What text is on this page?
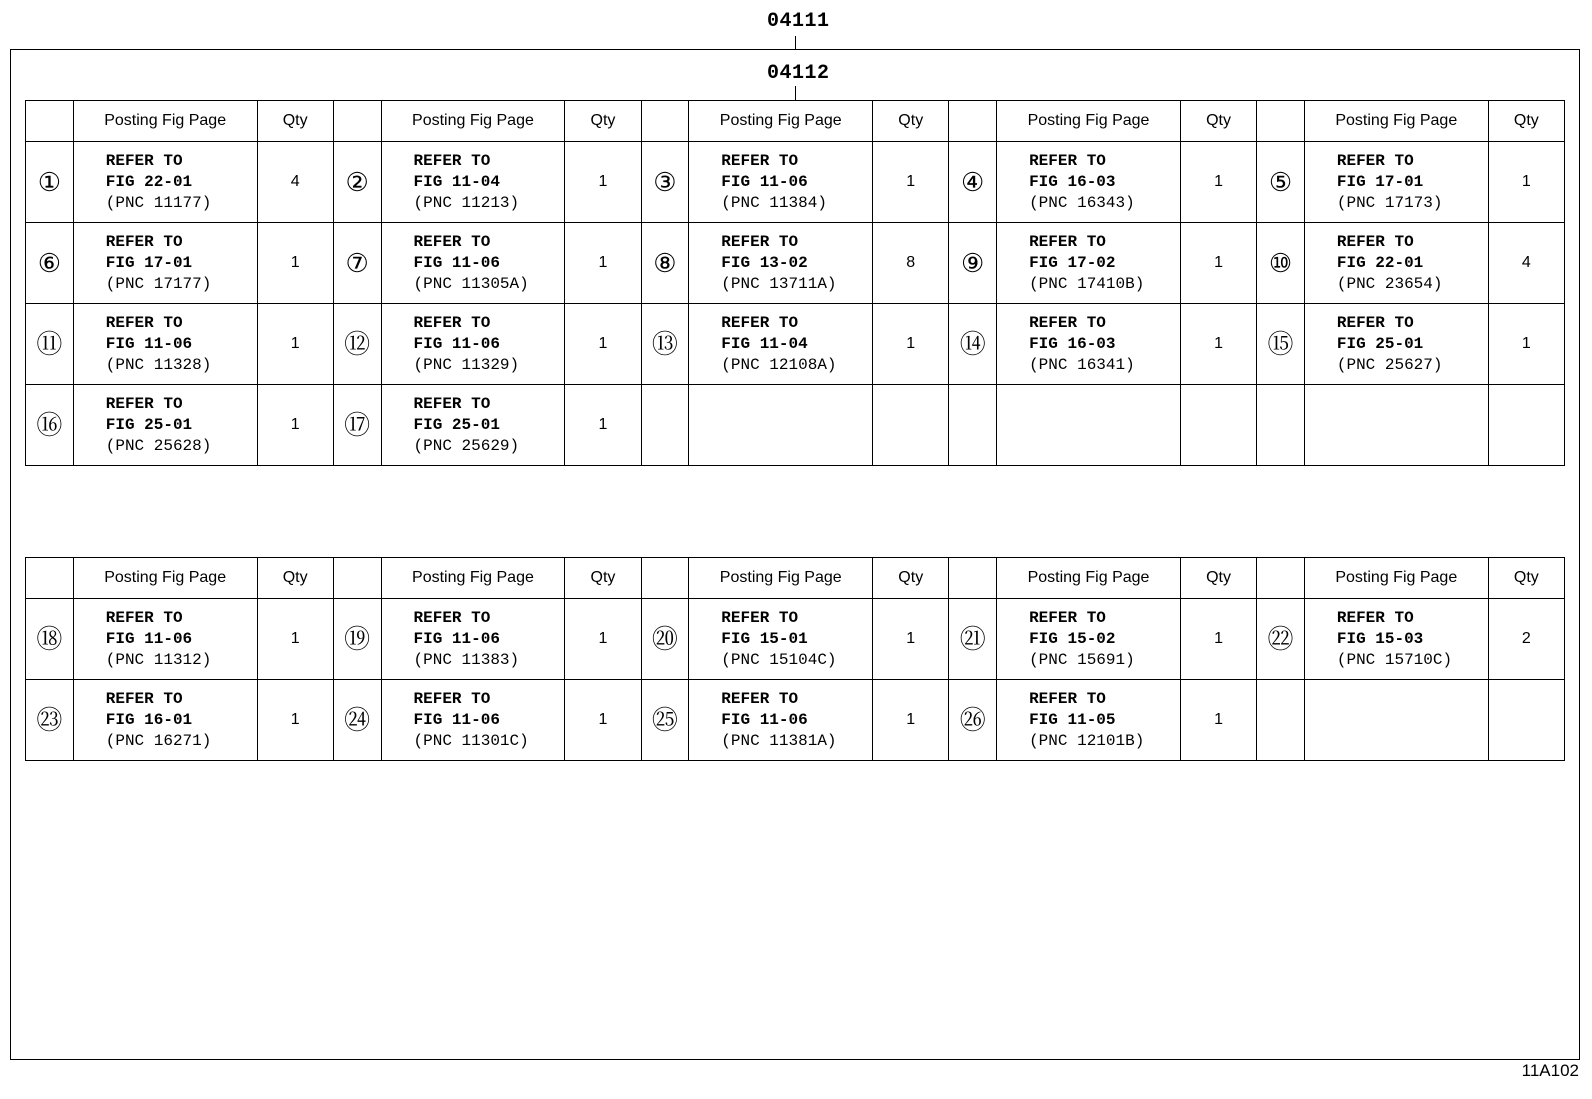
04111
04112
	Posting Fig Page	Qty		Posting Fig Page	Qty		Posting Fig Page	Qty		Posting Fig Page	Qty		Posting Fig Page	Qty
①	REFER TO
FIG 22-01
(PNC 11177)	4	②	REFER TO
FIG 11-04
(PNC 11213)	1	③	REFER TO
FIG 11-06
(PNC 11384)	1	④	REFER TO
FIG 16-03
(PNC 16343)	1	⑤	REFER TO
FIG 17-01
(PNC 17173)	1
⑥	REFER TO
FIG 17-01
(PNC 17177)	1	⑦	REFER TO
FIG 11-06
(PNC 11305A)	1	⑧	REFER TO
FIG 13-02
(PNC 13711A)	8	⑨	REFER TO
FIG 17-02
(PNC 17410B)	1	⑩	REFER TO
FIG 22-01
(PNC 23654)	4
⑪	REFER TO
FIG 11-06
(PNC 11328)	1	⑫	REFER TO
FIG 11-06
(PNC 11329)	1	⑬	REFER TO
FIG 11-04
(PNC 12108A)	1	⑭	REFER TO
FIG 16-03
(PNC 16341)	1	⑮	REFER TO
FIG 25-01
(PNC 25627)	1
⑯	REFER TO
FIG 25-01
(PNC 25628)	1	⑰	REFER TO
FIG 25-01
(PNC 25629)	1									
	Posting Fig Page	Qty		Posting Fig Page	Qty		Posting Fig Page	Qty		Posting Fig Page	Qty		Posting Fig Page	Qty
⑱	REFER TO
FIG 11-06
(PNC 11312)	1	⑲	REFER TO
FIG 11-06
(PNC 11383)	1	⑳	REFER TO
FIG 15-01
(PNC 15104C)	1	㉑	REFER TO
FIG 15-02
(PNC 15691)	1	㉒	REFER TO
FIG 15-03
(PNC 15710C)	2
㉓	REFER TO
FIG 16-01
(PNC 16271)	1	㉔	REFER TO
FIG 11-06
(PNC 11301C)	1	㉕	REFER TO
FIG 11-06
(PNC 11381A)	1	㉖	REFER TO
FIG 11-05
(PNC 12101B)	1			
11A102
